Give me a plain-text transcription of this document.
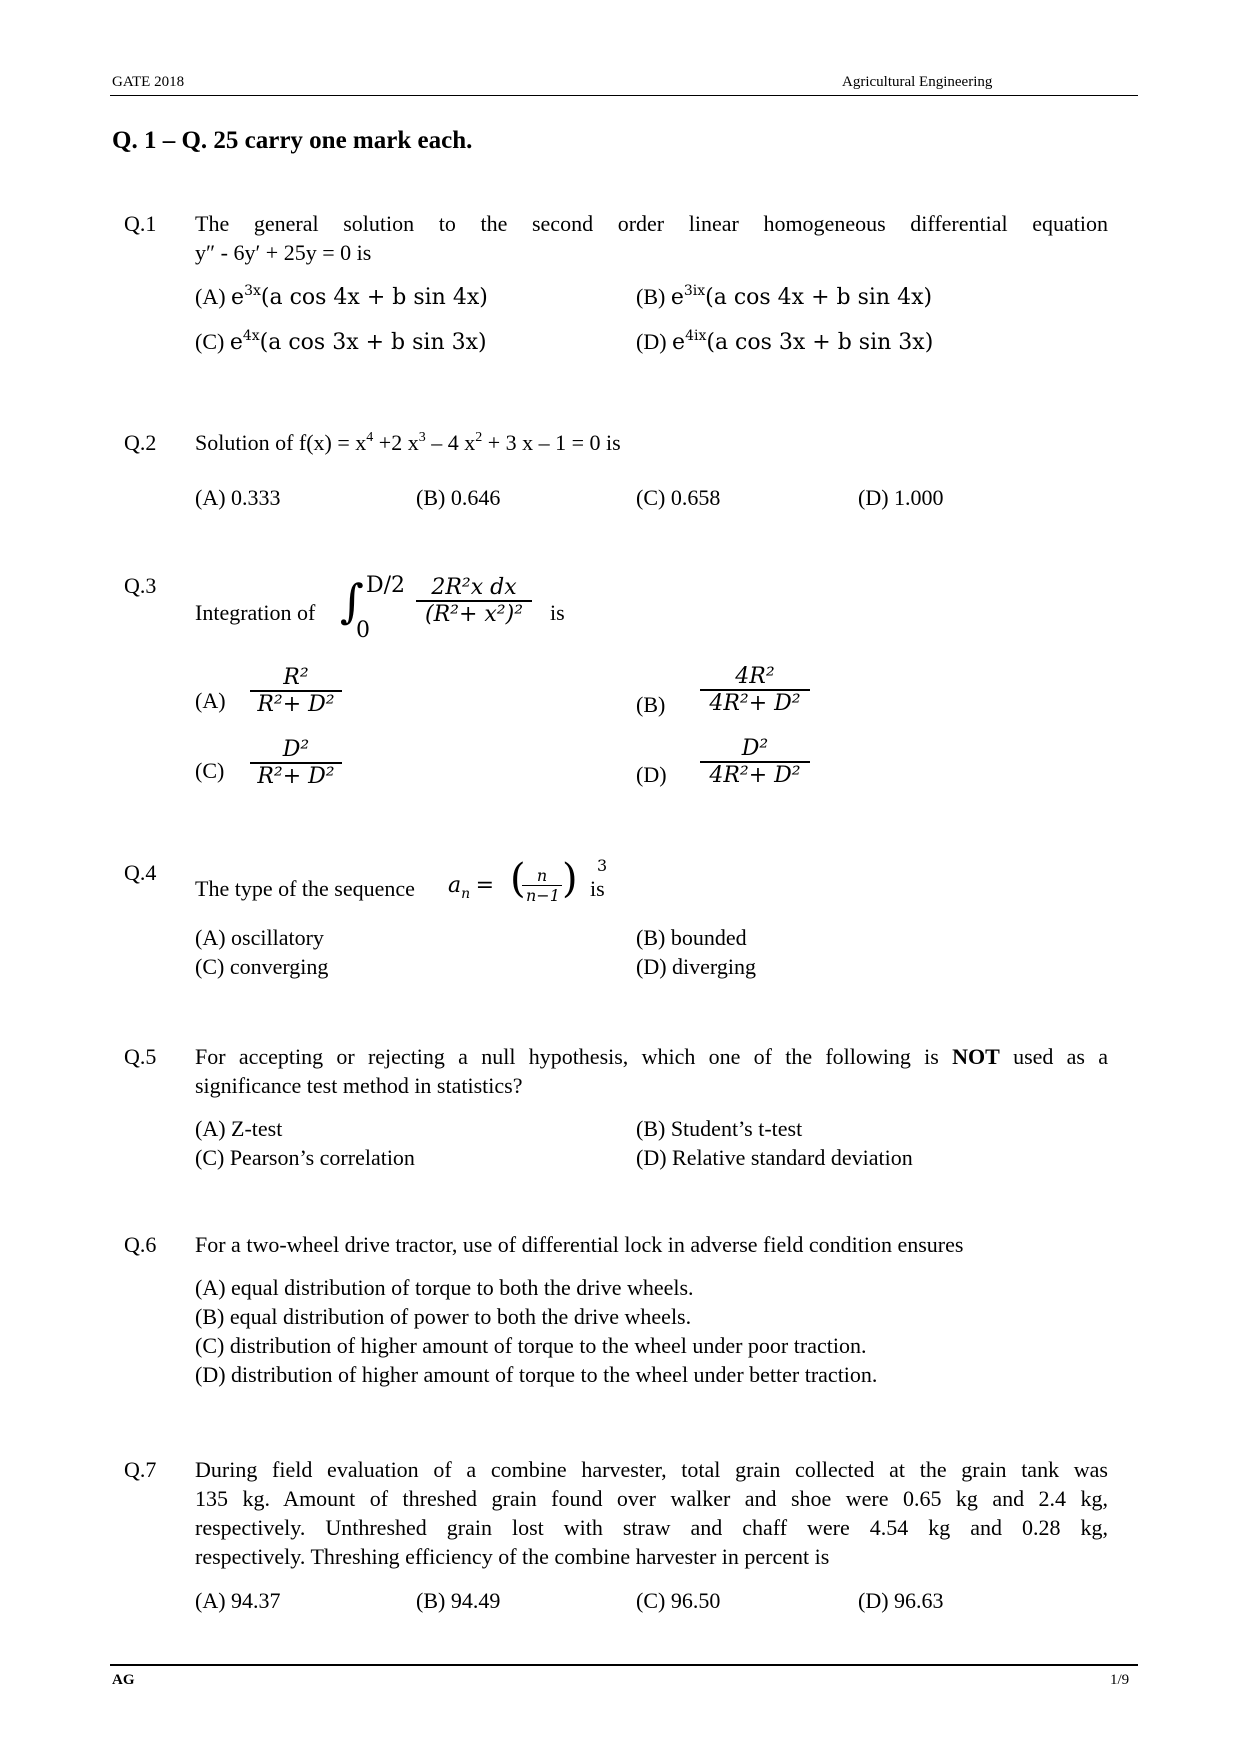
GATE 2018	Agricultural Engineering
Q. 1 – Q. 25 carry one mark each.
Q.1 The general solution to the second order linear homogeneous differential equation
y″ - 6y′ + 25y = 0 is
(A) $e^{3x}(a$ cos 4x + b sin 4x)	(B) $e^{3ix}(a$ cos 4x + b sin 4x)
(C) $e^{4x}(a$ cos 3x + b sin 3x)	(D) $e^{4ix}(a$ cos 3x + b sin 3x)
Q.2 Solution of $f(x) = x^4 +2$ $x^3 - 4$ $x^2 + 3$ x – 1 = 0 is
(A) 0.333	(B) 0.646	(C) 0.658	(D) 1.000
Q.3
Integration of ∫ D/2
0
$\frac{\text{2R²x dx}}{\text{(R²+ x²)²}}$ is
$(A) \frac{\text{R²}}{\text{R²+ D²}}$	$(B) \frac{\text{4R²}}{\text{4R²+ D²}}$
$(C) \frac{\text{D²}}{\text{R²+ D²}}$	$(D) \frac{\text{D²}}{\text{4R²+ D²}}$
Q.4
The type of the sequence $a_n$ = (
$\frac{n}{n-1}$ ) 3
is
(A) oscillatory	(B) bounded
(C) converging	(D) diverging
Q.5 For accepting or rejecting a null hypothesis, which one of the following is NOT used as a
significance test method in statistics?
(A) Z-test	(B) Student’s t-test
(C) Pearson’s correlation	(D) Relative standard deviation
Q.6 For a two-wheel drive tractor, use of differential lock in adverse field condition ensures
(A) equal distribution of torque to both the drive wheels.
(B) equal distribution of power to both the drive wheels.
(C) distribution of higher amount of torque to the wheel under poor traction.
(D) distribution of higher amount of torque to the wheel under better traction.
Q.7 During field evaluation of a combine harvester, total grain collected at the grain tank was
135 kg. Amount of threshed grain found over walker and shoe were 0.65 kg and 2.4 kg,
respectively. Unthreshed grain lost with straw and chaff were 4.54 kg and 0.28 kg,
respectively. Threshing efficiency of the combine harvester in percent is
(A) 94.37	(B) 94.49	(C) 96.50	(D) 96.63
AG	1/9
